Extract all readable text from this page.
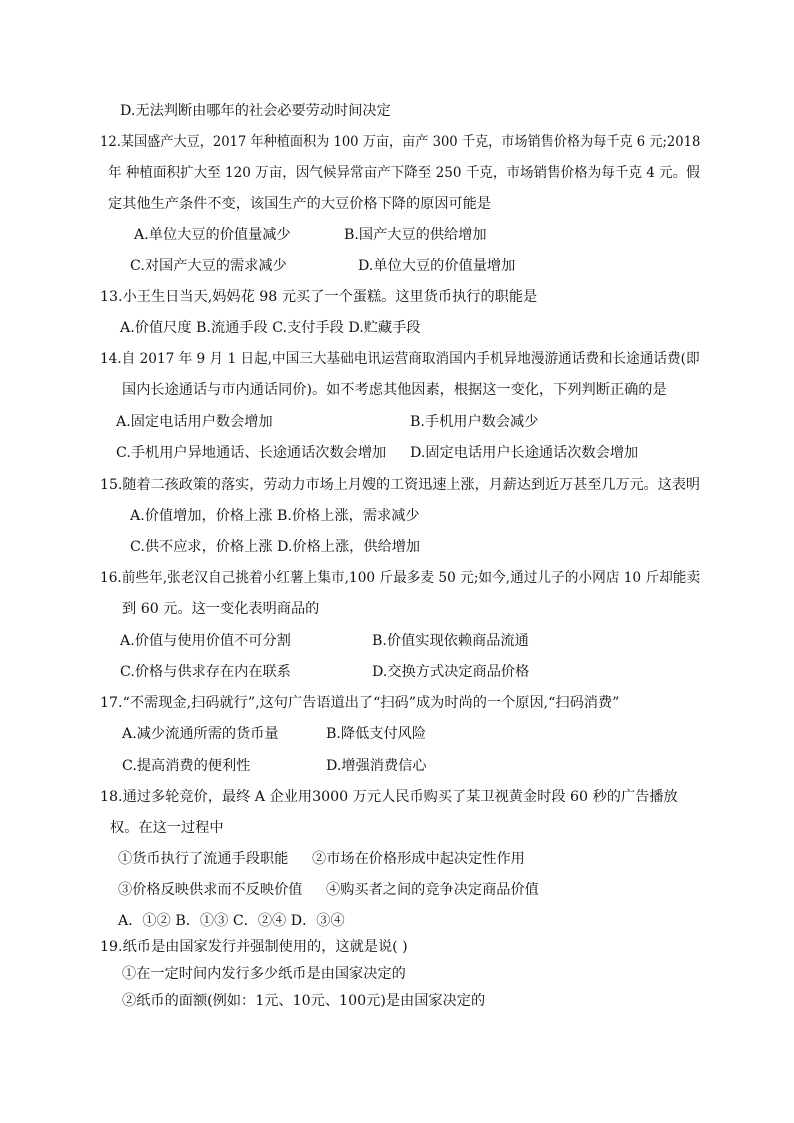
D.无法判断由哪年的社会必要劳动时间决定
12.某国盛产大豆，2017 年种植面积为 100 万亩，亩产 300 千克，市场销售价格为每千克 6 元;2018
年 种植面积扩大至 120 万亩，因气候异常亩产下降至 250 千克，市场销售价格为每千克 4 元。假
定其他生产条件不变，该国生产的大豆价格下降的原因可能是
A.单位大豆的价值量减少	B.国产大豆的供给增加
C.对国产大豆的需求减少	D.单位大豆的价值量增加
13.小王生日当天,妈妈花 98 元买了一个蛋糕。这里货币执行的职能是
A.价值尺度 B.流通手段 C.支付手段 D.贮藏手段
14.自 2017 年 9 月 1 日起,中国三大基础电讯运营商取消国内手机异地漫游通话费和长途通话费(即
国内长途通话与市内通话同价)。如不考虑其他因素，根据这一变化，下列判断正确的是
A.固定电话用户数会增加	B.手机用户数会减少
C.手机用户异地通话、长途通话次数会增加 D.固定电话用户长途通话次数会增加
15.随着二孩政策的落实，劳动力市场上月嫂的工资迅速上涨，月薪达到近万甚至几万元。这表明
A.价值增加，价格上涨 B.价格上涨，需求减少
C.供不应求，价格上涨 D.价格上涨，供给增加
16.前些年,张老汉自己挑着小红薯上集市,100 斤最多麦 50 元;如今,通过儿子的小网店 10 斤却能卖
到 60 元。这一变化表明商品的
A.价值与使用价值不可分割	B.价值实现依赖商品流通
C.价格与供求存在内在联系	D.交换方式决定商品价格
17.“不需现金,扫码就行”,这句广告语道出了“扫码”成为时尚的一个原因,“扫码消费”
A.减少流通所需的货币量	B.降低支付风险
C.提高消费的便利性	D.增强消费信心
18.通过多轮竞价，最终 A 企业用3000 万元人民币购买了某卫视黄金时段 60 秒的广告播放
权。在这一过程中
①货币执行了流通手段职能 ②市场在价格形成中起决定性作用
③价格反映供求而不反映价值 ④购买者之间的竞争决定商品价值
A．①② B．①③ C．②④ D．③④
19.纸币是由国家发行并强制使用的，这就是说( )
①在一定时间内发行多少纸币是由国家决定的
②纸币的面额(例如：1元、10元、100元)是由国家决定的
